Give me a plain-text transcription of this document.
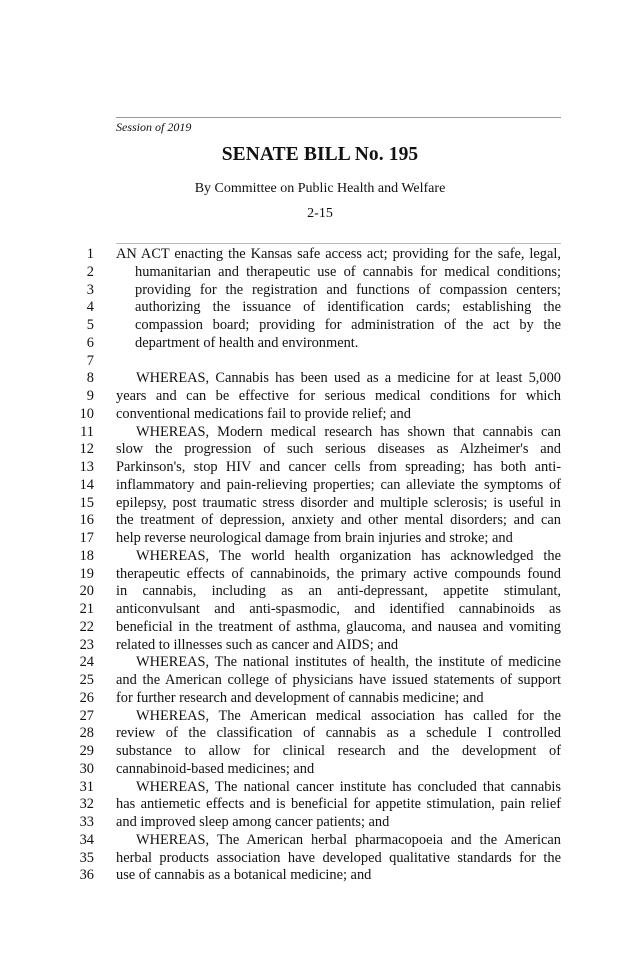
Session of 2019
SENATE BILL No. 195
By Committee on Public Health and Welfare
2-15
1 AN ACT enacting the Kansas safe access act; providing for the safe, legal,
2	humanitarian and therapeutic use of cannabis for medical conditions;
3	providing for the registration and functions of compassion centers;
4	authorizing the issuance of identification cards; establishing the
5	compassion board; providing for administration of the act by the
6	department of health and environment.
7
8	WHEREAS, Cannabis has been used as a medicine for at least 5,000
9 years and can be effective for serious medical conditions for which
10 conventional medications fail to provide relief; and
11	WHEREAS, Modern medical research has shown that cannabis can
12 slow the progression of such serious diseases as Alzheimer's and
13 Parkinson's, stop HIV and cancer cells from spreading; has both anti-
14 inflammatory and pain-relieving properties; can alleviate the symptoms of
15 epilepsy, post traumatic stress disorder and multiple sclerosis; is useful in
16 the treatment of depression, anxiety and other mental disorders; and can
17 help reverse neurological damage from brain injuries and stroke; and
18	WHEREAS, The world health organization has acknowledged the
19 therapeutic effects of cannabinoids, the primary active compounds found
20 in cannabis, including as an anti-depressant, appetite stimulant,
21 anticonvulsant and anti-spasmodic, and identified cannabinoids as
22 beneficial in the treatment of asthma, glaucoma, and nausea and vomiting
23 related to illnesses such as cancer and AIDS; and
24	WHEREAS, The national institutes of health, the institute of medicine
25 and the American college of physicians have issued statements of support
26 for further research and development of cannabis medicine; and
27	WHEREAS, The American medical association has called for the
28 review of the classification of cannabis as a schedule I controlled
29 substance to allow for clinical research and the development of
30 cannabinoid-based medicines; and
31	WHEREAS, The national cancer institute has concluded that cannabis
32 has antiemetic effects and is beneficial for appetite stimulation, pain relief
33 and improved sleep among cancer patients; and
34	WHEREAS, The American herbal pharmacopoeia and the American
35 herbal products association have developed qualitative standards for the
36 use of cannabis as a botanical medicine; and
